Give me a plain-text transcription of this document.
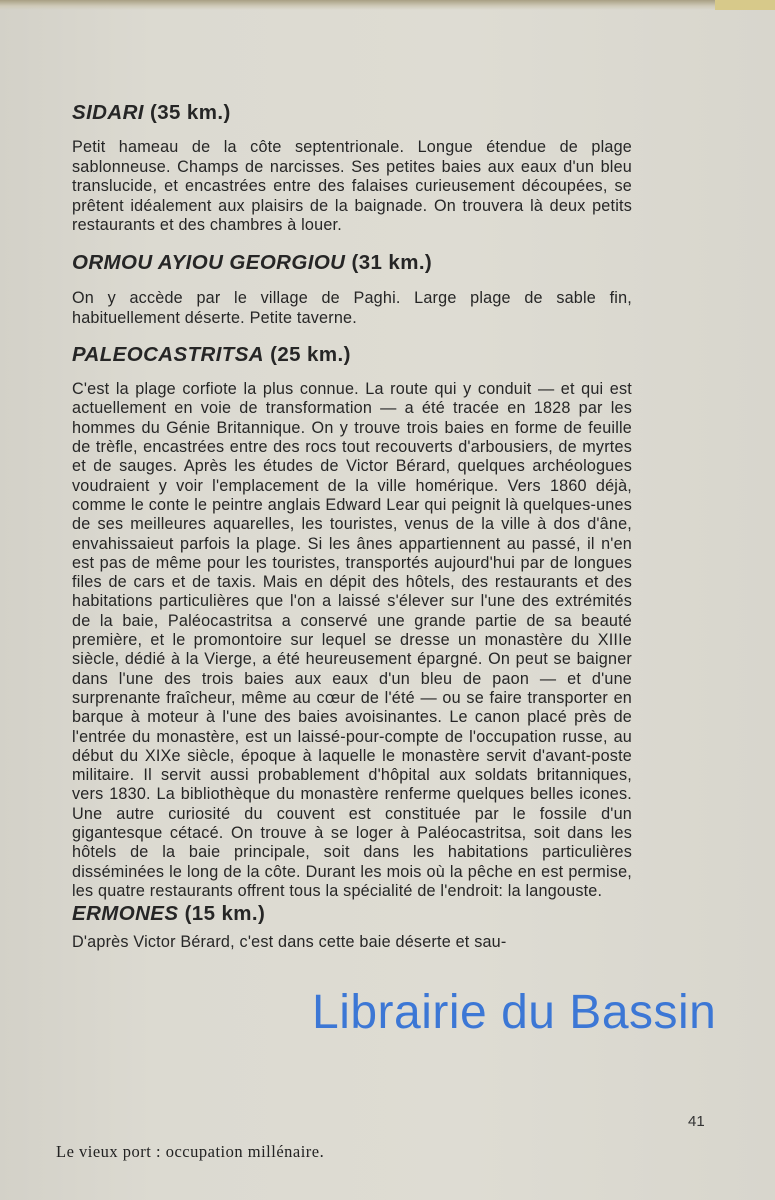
SIDARI (35 km.)

Petit hameau de la côte septentrionale. Longue étendue de plage sablonneuse. Champs de narcisses. Ses petites baies aux eaux d'un bleu translucide, et encastrées entre des falaises curieusement découpées, se prêtent idéalement aux plaisirs de la baignade. On trouvera là deux petits restaurants et des chambres à louer.

ORMOU AYIOU GEORGIOU (31 km.)

On y accède par le village de Paghi. Large plage de sable fin, habituellement déserte. Petite taverne.

PALEOCASTRITSA (25 km.)

C'est la plage corfiote la plus connue. La route qui y conduit — et qui est actuellement en voie de transformation — a été tracée en 1828 par les hommes du Génie Britannique. On y trouve trois baies en forme de feuille de trèfle, encastrées entre des rocs tout recouverts d'arbousiers, de myrtes et de sauges. Après les études de Victor Bérard, quelques archéologues voudraient y voir l'emplacement de la ville homérique. Vers 1860 déjà, comme le conte le peintre anglais Edward Lear qui peignit là quelques-unes de ses meilleures aquarelles, les touristes, venus de la ville à dos d'âne, envahissaieut parfois la plage. Si les ânes appartiennent au passé, il n'en est pas de même pour les touristes, transportés aujourd'hui par de longues files de cars et de taxis. Mais en dépit des hôtels, des restaurants et des habitations particulières que l'on a laissé s'élever sur l'une des extrémités de la baie, Paléocastritsa a conservé une grande partie de sa beauté première, et le promontoire sur lequel se dresse un monastère du XIIIe siècle, dédié à la Vierge, a été heureusement épargné. On peut se baigner dans l'une des trois baies aux eaux d'un bleu de paon — et d'une surprenante fraîcheur, même au cœur de l'été — ou se faire transporter en barque à moteur à l'une des baies avoisinantes. Le canon placé près de l'entrée du monastère, est un laissé-pour-compte de l'occupation russe, au début du XIXe siècle, époque à laquelle le monastère servit d'avant-poste militaire. Il servit aussi probablement d'hôpital aux soldats britanniques, vers 1830. La bibliothèque du monastère renferme quelques belles icones. Une autre curiosité du couvent est constituée par le fossile d'un gigantesque cétacé. On trouve à se loger à Paléocastritsa, soit dans les hôtels de la baie principale, soit dans les habitations particulières disséminées le long de la côte. Durant les mois où la pêche en est permise, les quatre restaurants offrent tous la spécialité de l'endroit: la langouste.

ERMONES (15 km.)

D'après Victor Bérard, c'est dans cette baie déserte et sau-

41
Le vieux port : occupation millénaire.
Librairie du Bassin
